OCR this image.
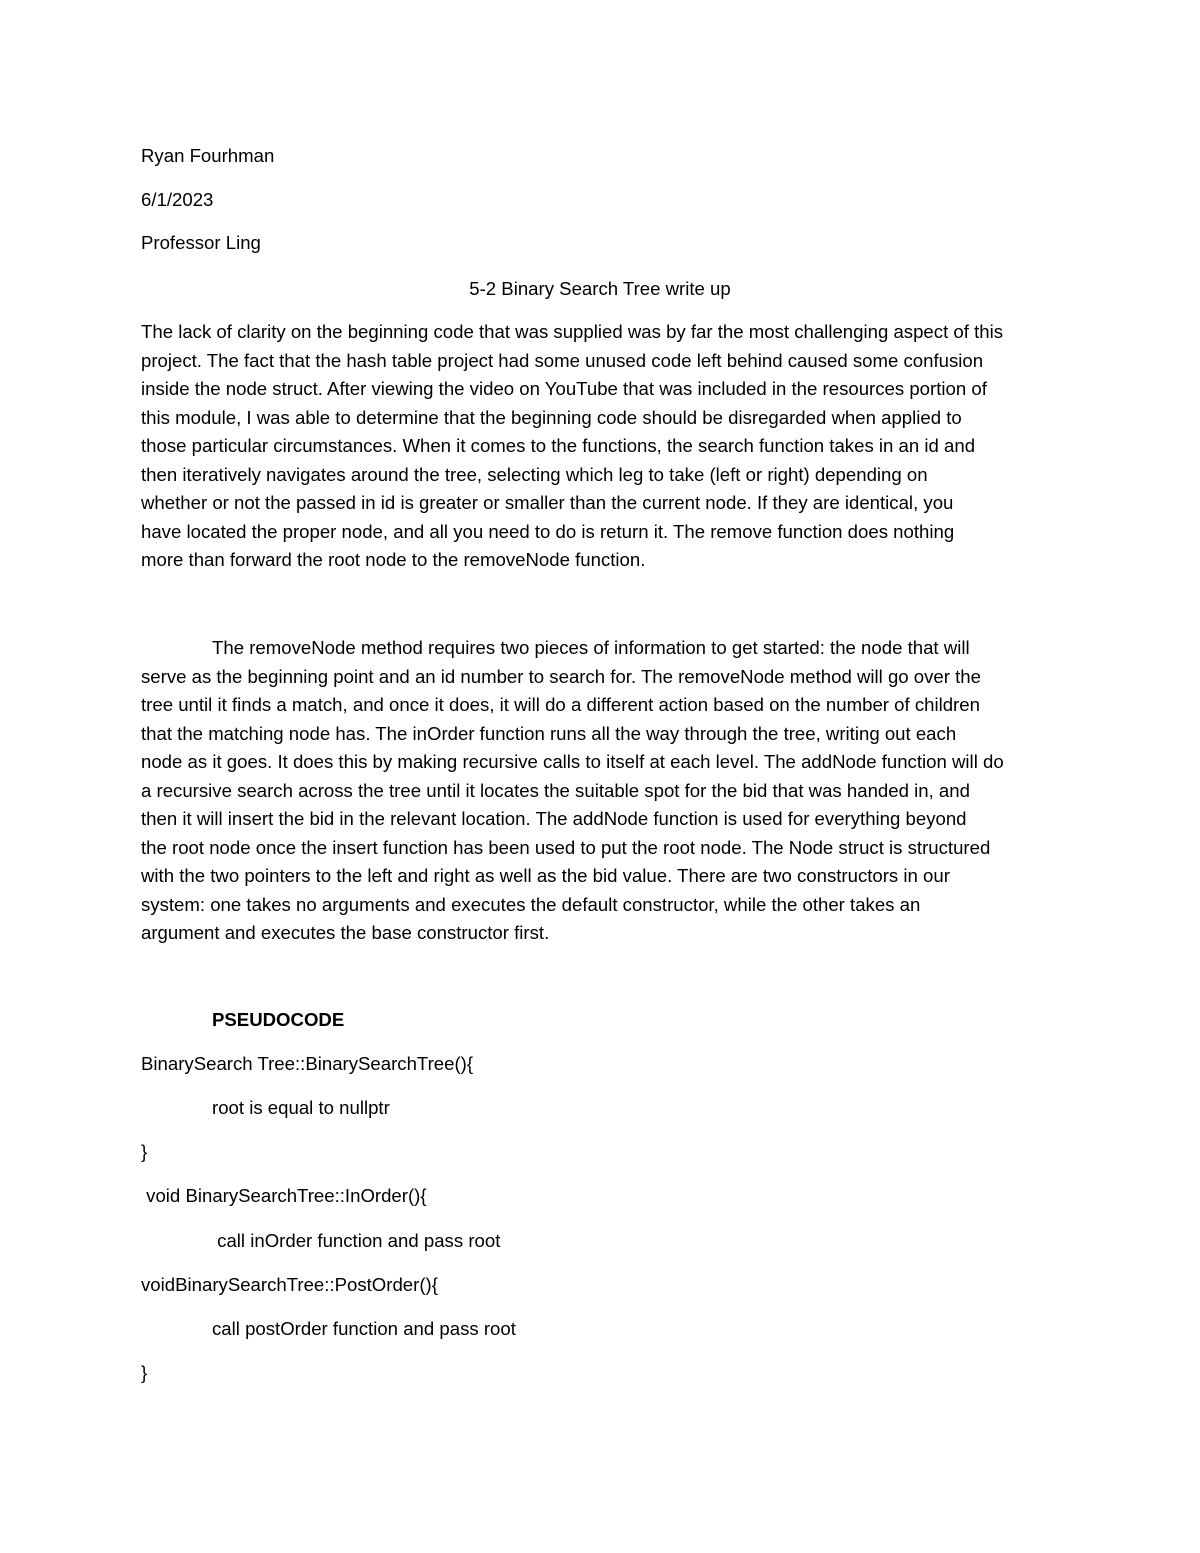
Ryan Fourhman
6/1/2023
Professor Ling
5-2 Binary Search Tree write up
The lack of clarity on the beginning code that was supplied was by far the most challenging aspect of this
project. The fact that the hash table project had some unused code left behind caused some confusion
inside the node struct. After viewing the video on YouTube that was included in the resources portion of
this module, I was able to determine that the beginning code should be disregarded when applied to
those particular circumstances. When it comes to the functions, the search function takes in an id and
then iteratively navigates around the tree, selecting which leg to take (left or right) depending on
whether or not the passed in id is greater or smaller than the current node. If they are identical, you
have located the proper node, and all you need to do is return it. The remove function does nothing
more than forward the root node to the removeNode function.
The removeNode method requires two pieces of information to get started: the node that will
serve as the beginning point and an id number to search for. The removeNode method will go over the
tree until it finds a match, and once it does, it will do a different action based on the number of children
that the matching node has. The inOrder function runs all the way through the tree, writing out each
node as it goes. It does this by making recursive calls to itself at each level. The addNode function will do
a recursive search across the tree until it locates the suitable spot for the bid that was handed in, and
then it will insert the bid in the relevant location. The addNode function is used for everything beyond
the root node once the insert function has been used to put the root node. The Node struct is structured
with the two pointers to the left and right as well as the bid value. There are two constructors in our
system: one takes no arguments and executes the default constructor, while the other takes an
argument and executes the base constructor first.
PSEUDOCODE
BinarySearch Tree::BinarySearchTree(){
root is equal to nullptr
}
void BinarySearchTree::InOrder(){
call inOrder function and pass root
voidBinarySearchTree::PostOrder(){
call postOrder function and pass root
}
